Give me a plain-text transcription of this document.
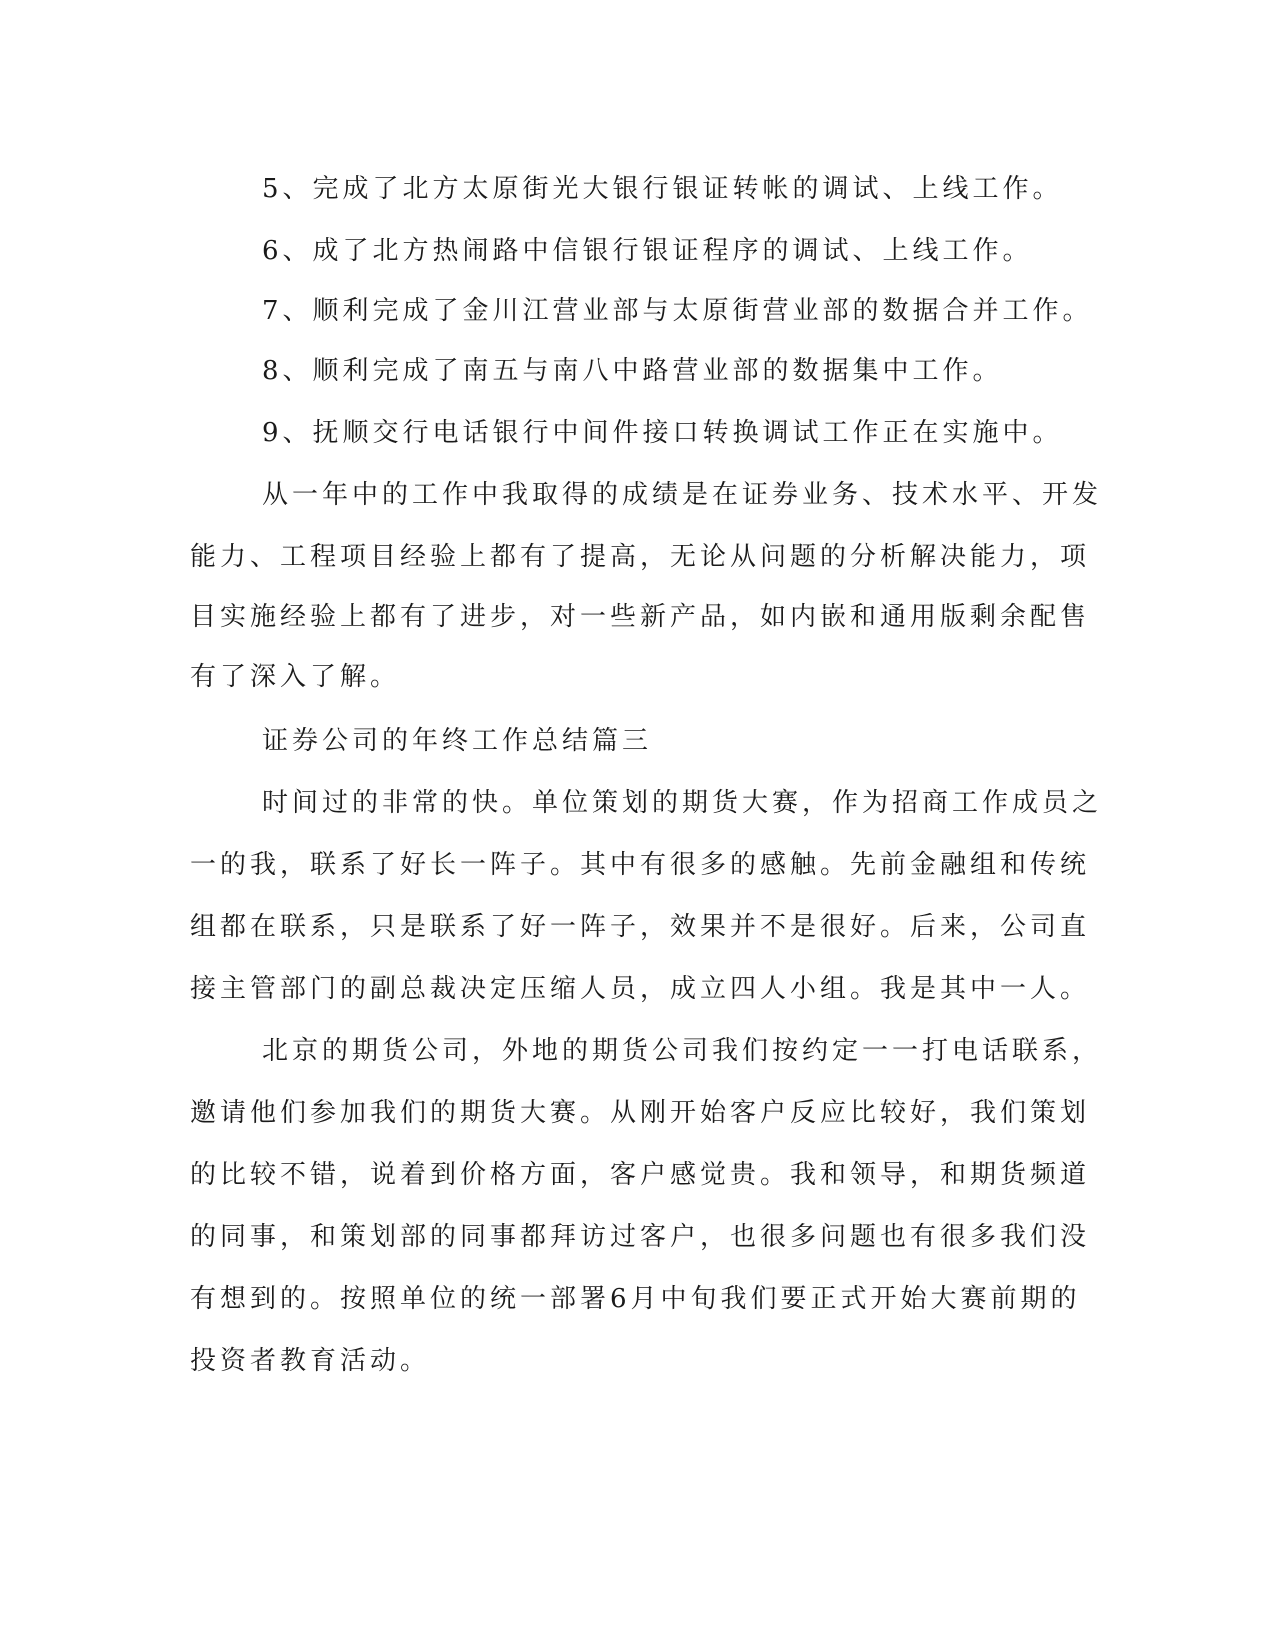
5、完成了北方太原街光大银行银证转帐的调试、上线工作。
6、成了北方热闹路中信银行银证程序的调试、上线工作。
7、顺利完成了金川江营业部与太原街营业部的数据合并工作。
8、顺利完成了南五与南八中路营业部的数据集中工作。
9、抚顺交行电话银行中间件接口转换调试工作正在实施中。
从一年中的工作中我取得的成绩是在证券业务、技术水平、开发
能力、工程项目经验上都有了提高，无论从问题的分析解决能力，项
目实施经验上都有了进步，对一些新产品，如内嵌和通用版剩余配售
有了深入了解。
证券公司的年终工作总结篇三
时间过的非常的快。单位策划的期货大赛，作为招商工作成员之
一的我，联系了好长一阵子。其中有很多的感触。先前金融组和传统
组都在联系，只是联系了好一阵子，效果并不是很好。后来，公司直
接主管部门的副总裁决定压缩人员，成立四人小组。我是其中一人。
北京的期货公司，外地的期货公司我们按约定一一打电话联系，
邀请他们参加我们的期货大赛。从刚开始客户反应比较好，我们策划
的比较不错，说着到价格方面，客户感觉贵。我和领导，和期货频道
的同事，和策划部的同事都拜访过客户，也很多问题也有很多我们没
有想到的。按照单位的统一部署6月中旬我们要正式开始大赛前期的
投资者教育活动。
